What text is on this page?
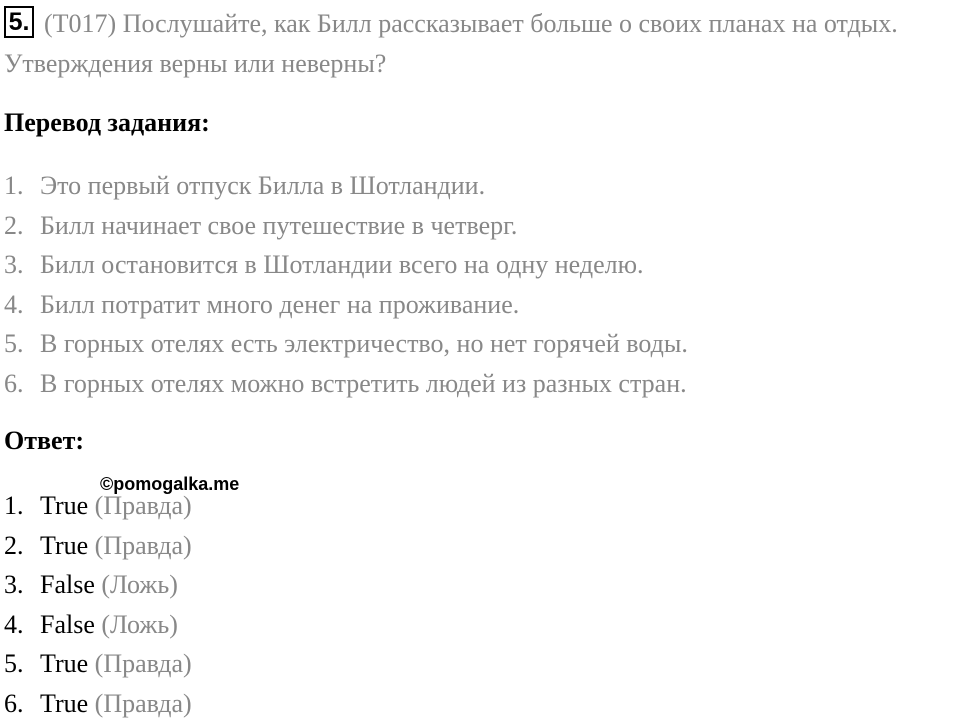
5. (T017) Послушайте, как Билл рассказывает больше о своих планах на отдых. Утверждения верны или неверны?
Перевод задания:
1. Это первый отпуск Билла в Шотландии.
2. Билл начинает свое путешествие в четверг.
3. Билл остановится в Шотландии всего на одну неделю.
4. Билл потратит много денег на проживание.
5. В горных отелях есть электричество, но нет горячей воды.
6. В горных отелях можно встретить людей из разных стран.
Ответ:
©pomogalka.me
1. True (Правда)
2. True (Правда)
3. False (Ложь)
4. False (Ложь)
5. True (Правда)
6. True (Правда)
